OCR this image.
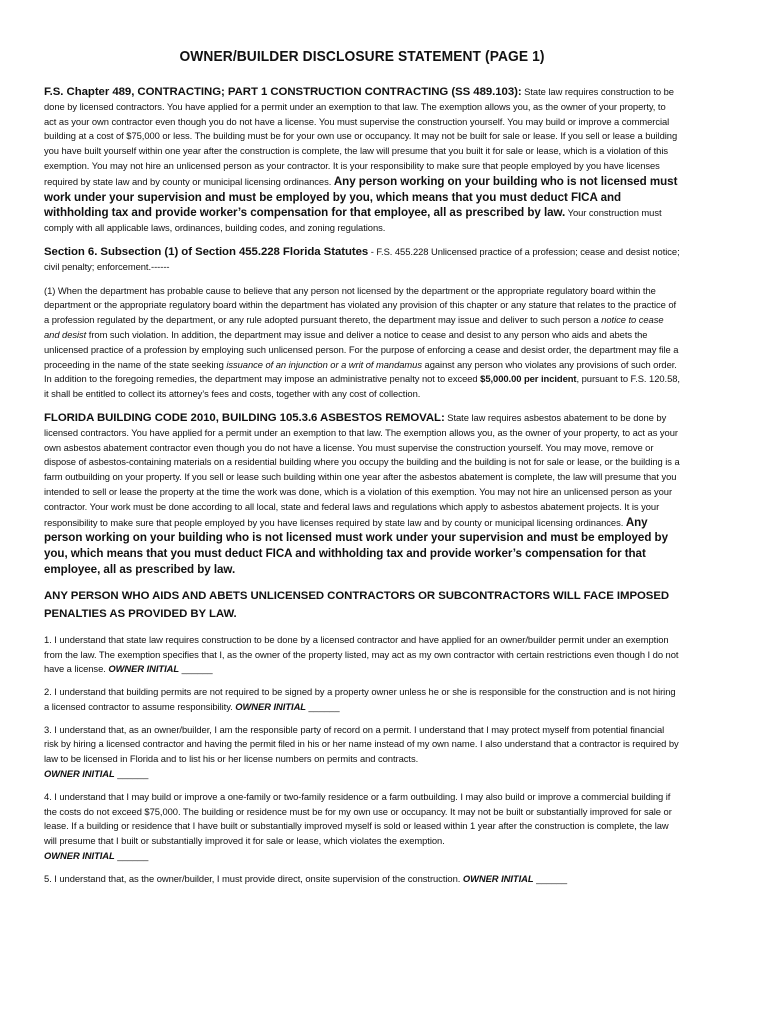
OWNER/BUILDER DISCLOSURE STATEMENT (PAGE 1)

F.S. Chapter 489, CONTRACTING; PART 1 CONSTRUCTION CONTRACTING (SS 489.103): State law requires construction to be done by licensed contractors. You have applied for a permit under an exemption to that law. The exemption allows you, as the owner of your property, to act as your own contractor even though you do not have a license. You must supervise the construction yourself. You may build or improve a commercial building at a cost of $75,000 or less. The building must be for your own use or occupancy. It may not be built for sale or lease. If you sell or lease a building you have built yourself within one year after the construction is complete, the law will presume that you built it for sale or lease, which is a violation of this exemption. You may not hire an unlicensed person as your contractor. It is your responsibility to make sure that people employed by you have licenses required by state law and by county or municipal licensing ordinances. Any person working on your building who is not licensed must work under your supervision and must be employed by you, which means that you must deduct FICA and withholding tax and provide worker’s compensation for that employee, all as prescribed by law. Your construction must comply with all applicable laws, ordinances, building codes, and zoning regulations.

Section 6. Subsection (1) of Section 455.228 Florida Statutes - F.S. 455.228 Unlicensed practice of a profession; cease and desist notice; civil penalty; enforcement.------

(1) When the department has probable cause to believe that any person not licensed by the department or the appropriate regulatory board within the department or the appropriate regulatory board within the department has violated any provision of this chapter or any stature that relates to the practice of a profession regulated by the department, or any rule adopted pursuant thereto, the department may issue and deliver to such person a notice to cease and desist from such violation. In addition, the department may issue and deliver a notice to cease and desist to any person who aids and abets the unlicensed practice of a profession by employing such unlicensed person. For the purpose of enforcing a cease and desist order, the department may file a proceeding in the name of the state seeking issuance of an injunction or a writ of mandamus against any person who violates any provisions of such order. In addition to the foregoing remedies, the department may impose an administrative penalty not to exceed $5,000.00 per incident, pursuant to F.S. 120.58, it shall be entitled to collect its attorney’s fees and costs, together with any cost of collection.

FLORIDA BUILDING CODE 2010, BUILDING 105.3.6 ASBESTOS REMOVAL: State law requires asbestos abatement to be done by licensed contractors. You have applied for a permit under an exemption to that law. The exemption allows you, as the owner of your property, to act as your own asbestos abatement contractor even though you do not have a license. You must supervise the construction yourself. You may move, remove or dispose of asbestos-containing materials on a residential building where you occupy the building and the building is not for sale or lease, or the building is a farm outbuilding on your property. If you sell or lease such building within one year after the asbestos abatement is complete, the law will presume that you intended to sell or lease the property at the time the work was done, which is a violation of this exemption. You may not hire an unlicensed person as your contractor. Your work must be done according to all local, state and federal laws and regulations which apply to asbestos abatement projects. It is your responsibility to make sure that people employed by you have licenses required by state law and by county or municipal licensing ordinances. Any person working on your building who is not licensed must work under your supervision and must be employed by you, which means that you must deduct FICA and withholding tax and provide worker’s compensation for that employee, all as prescribed by law.

ANY PERSON WHO AIDS AND ABETS UNLICENSED CONTRACTORS OR SUBCONTRACTORS WILL FACE IMPOSED PENALTIES AS PROVIDED BY LAW.

1. I understand that state law requires construction to be done by a licensed contractor and have applied for an owner/builder permit under an exemption from the law. The exemption specifies that I, as the owner of the property listed, may act as my own contractor with certain restrictions even though I do not have a license. OWNER INITIAL ______

2. I understand that building permits are not required to be signed by a property owner unless he or she is responsible for the construction and is not hiring a licensed contractor to assume responsibility. OWNER INITIAL ______

3. I understand that, as an owner/builder, I am the responsible party of record on a permit. I understand that I may protect myself from potential financial risk by hiring a licensed contractor and having the permit filed in his or her name instead of my own name. I also understand that a contractor is required by law to be licensed in Florida and to list his or her license numbers on permits and contracts.
OWNER INITIAL ______

4. I understand that I may build or improve a one-family or two-family residence or a farm outbuilding. I may also build or improve a commercial building if the costs do not exceed $75,000. The building or residence must be for my own use or occupancy. It may not be built or substantially improved for sale or lease. If a building or residence that I have built or substantially improved myself is sold or leased within 1 year after the construction is complete, the law will presume that I built or substantially improved it for sale or lease, which violates the exemption.
OWNER INITIAL ______

5. I understand that, as the owner/builder, I must provide direct, onsite supervision of the construction. OWNER INITIAL ______
